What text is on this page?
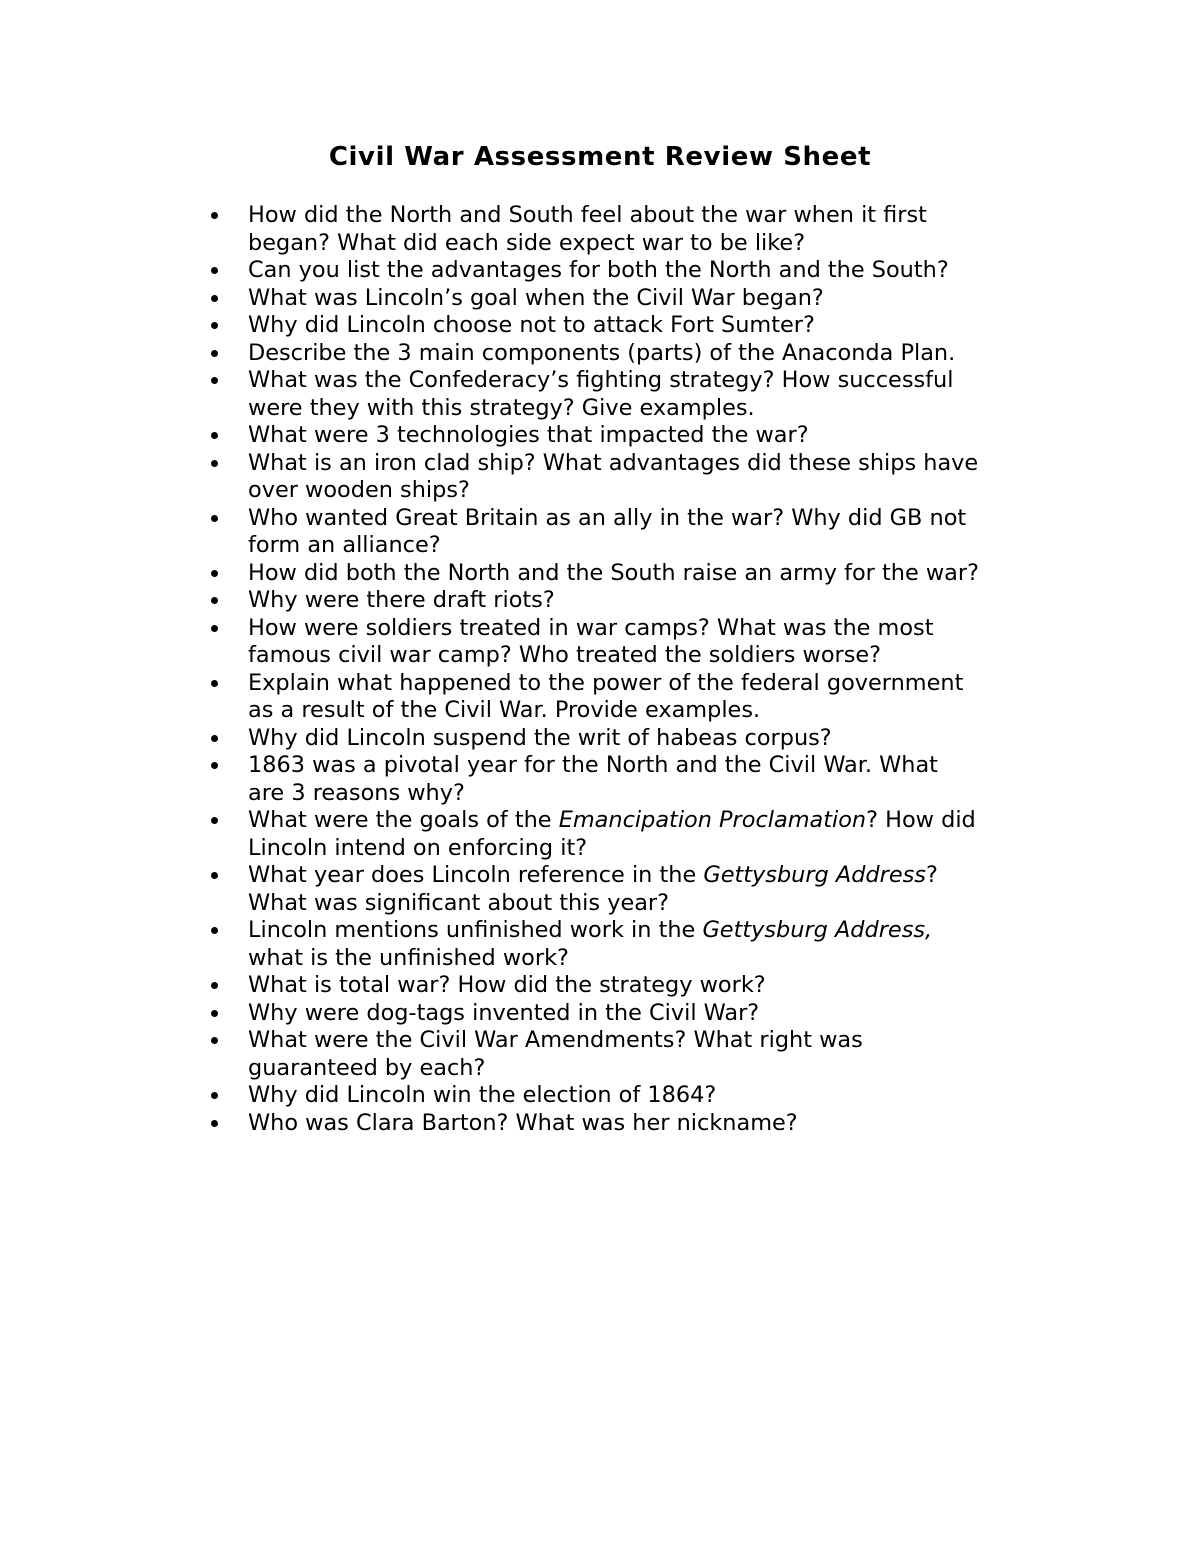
Civil War Assessment Review Sheet
How did the North and South feel about the war when it first
began? What did each side expect war to be like?
Can you list the advantages for both the North and the South?
What was Lincoln’s goal when the Civil War began?
Why did Lincoln choose not to attack Fort Sumter?
Describe the 3 main components (parts) of the Anaconda Plan.
What was the Confederacy’s fighting strategy? How successful
were they with this strategy? Give examples.
What were 3 technologies that impacted the war?
What is an iron clad ship? What advantages did these ships have
over wooden ships?
Who wanted Great Britain as an ally in the war? Why did GB not
form an alliance?
How did both the North and the South raise an army for the war?
Why were there draft riots?
How were soldiers treated in war camps? What was the most
famous civil war camp? Who treated the soldiers worse?
Explain what happened to the power of the federal government
as a result of the Civil War. Provide examples.
Why did Lincoln suspend the writ of habeas corpus?
1863 was a pivotal year for the North and the Civil War. What
are 3 reasons why?
What were the goals of the Emancipation Proclamation? How did
Lincoln intend on enforcing it?
What year does Lincoln reference in the Gettysburg Address?
What was significant about this year?
Lincoln mentions unfinished work in the Gettysburg Address,
what is the unfinished work?
What is total war? How did the strategy work?
Why were dog-tags invented in the Civil War?
What were the Civil War Amendments? What right was
guaranteed by each?
Why did Lincoln win the election of 1864?
Who was Clara Barton? What was her nickname?
